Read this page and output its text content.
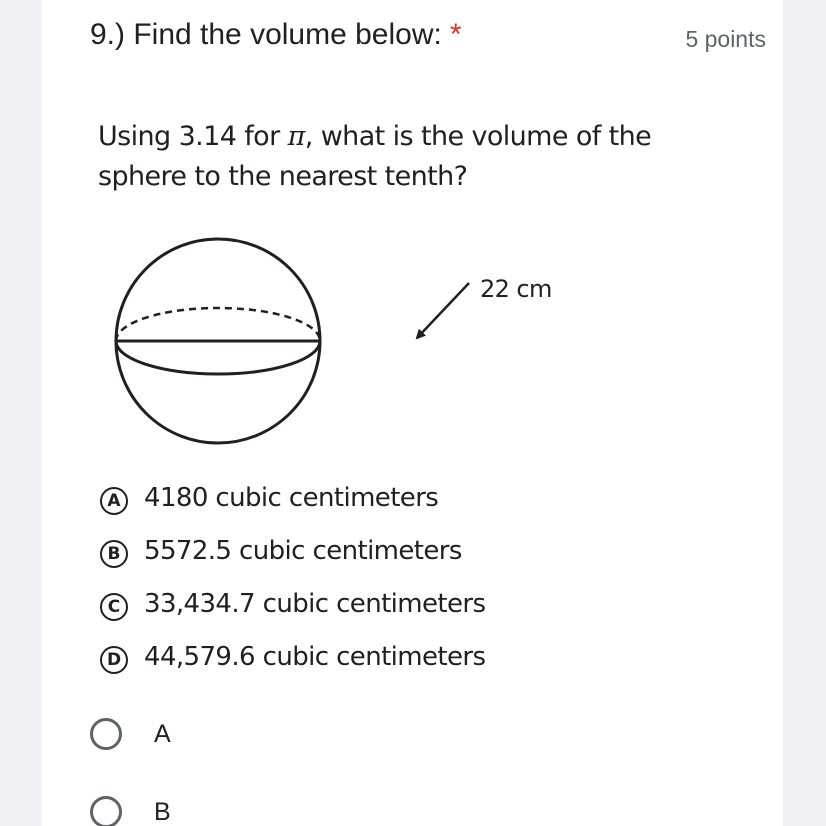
9.) Find the volume below: *	5 points
Using 3.14 for π, what is the volume of the
sphere to the nearest tenth?
22 cm
A 4180 cubic centimeters
B 5572.5 cubic centimeters
C 33,434.7 cubic centimeters
D 44,579.6 cubic centimeters
A
B
